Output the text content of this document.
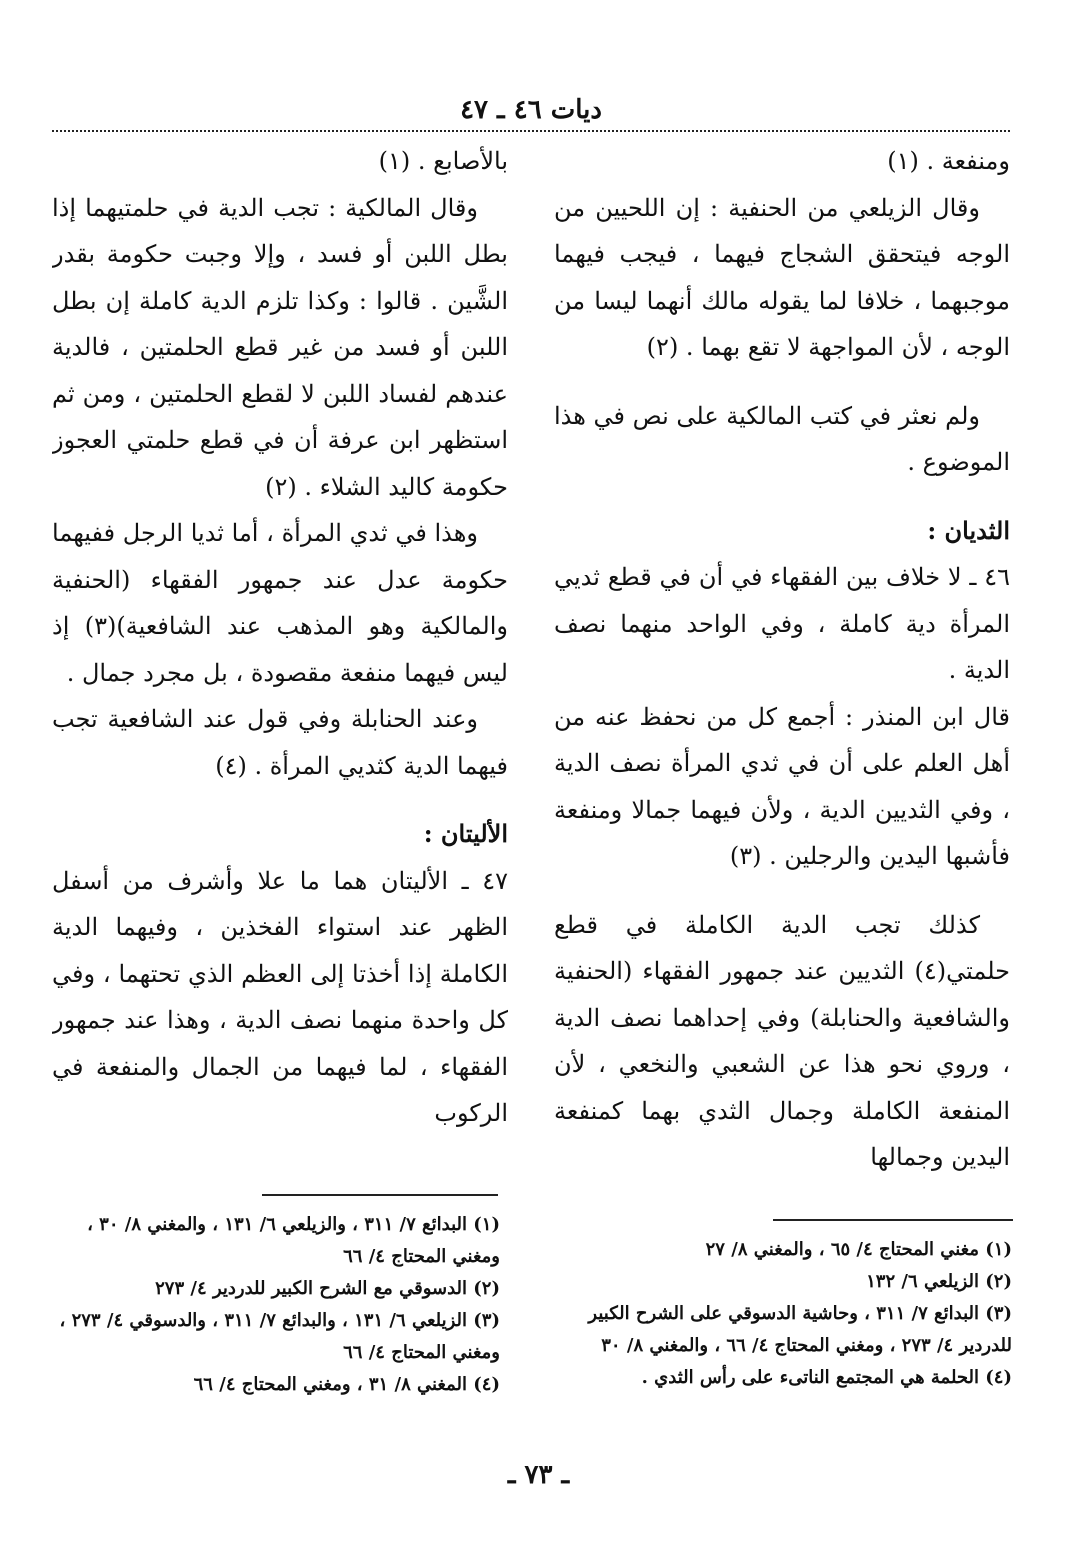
ديات ٤٦ ـ ٤٧

ومنفعة . (١)

وقال الزيلعي من الحنفية : إن اللحيين من الوجه فيتحقق الشجاج فيهما ، فيجب فيهما موجبهما ، خلافا لما يقوله مالك أنهما ليسا من الوجه ، لأن المواجهة لا تقع بهما . (٢)

ولم نعثر في كتب المالكية على نص في هذا الموضوع .

الثديان :

٤٦ ـ لا خلاف بين الفقهاء في أن في قطع ثديي المرأة دية كاملة ، وفي الواحد منهما نصف الدية .

قال ابن المنذر : أجمع كل من نحفظ عنه من أهل العلم على أن في ثدي المرأة نصف الدية ، وفي الثديين الدية ، ولأن فيهما جمالا ومنفعة فأشبها اليدين والرجلين . (٣)

كذلك تجب الدية الكاملة في قطع حلمتي(٤) الثديين عند جمهور الفقهاء (الحنفية والشافعية والحنابلة) وفي إحداهما نصف الدية ، وروي نحو هذا عن الشعبي والنخعي ، لأن المنفعة الكاملة وجمال الثدي بهما كمنفعة اليدين وجمالها

بالأصابع . (١)

وقال المالكية : تجب الدية في حلمتيهما إذا بطل اللبن أو فسد ، وإلا وجبت حكومة بقدر الشَّين . قالوا : وكذا تلزم الدية كاملة إن بطل اللبن أو فسد من غير قطع الحلمتين ، فالدية عندهم لفساد اللبن لا لقطع الحلمتين ، ومن ثم استظهر ابن عرفة أن في قطع حلمتي العجوز حكومة كاليد الشلاء . (٢)

وهذا في ثدي المرأة ، أما ثديا الرجل ففيهما حكومة عدل عند جمهور الفقهاء (الحنفية والمالكية وهو المذهب عند الشافعية)(٣) إذ ليس فيهما منفعة مقصودة ، بل مجرد جمال .

وعند الحنابلة وفي قول عند الشافعية تجب فيهما الدية كثديي المرأة . (٤)

الأليتان :

٤٧ ـ الأليتان هما ما علا وأشرف من أسفل الظهر عند استواء الفخذين ، وفيهما الدية الكاملة إذا أخذتا إلى العظم الذي تحتهما ، وفي كل واحدة منهما نصف الدية ، وهذا عند جمهور الفقهاء ، لما فيهما من الجمال والمنفعة في الركوب

(١) مغني المحتاج ٤/ ٦٥ ، والمغني ٨/ ٢٧
(٢) الزيلعي ٦/ ١٣٢
(٣) البدائع ٧/ ٣١١ ، وحاشية الدسوقي على الشرح الكبير للدردير ٤/ ٢٧٣ ، ومغني المحتاج ٤/ ٦٦ ، والمغني ٨/ ٣٠
(٤) الحلمة هي المجتمع الناتىء على رأس الثدي .
(١) البدائع ٧/ ٣١١ ، والزيلعي ٦/ ١٣١ ، والمغني ٨/ ٣٠ ، ومغني المحتاج ٤/ ٦٦
(٢) الدسوقي مع الشرح الكبير للدردير ٤/ ٢٧٣
(٣) الزيلعي ٦/ ١٣١ ، والبدائع ٧/ ٣١١ ، والدسوقي ٤/ ٢٧٣ ، ومغني المحتاج ٤/ ٦٦
(٤) المغني ٨/ ٣١ ، ومغني المحتاج ٤/ ٦٦
ـ ٧٣ ـ
